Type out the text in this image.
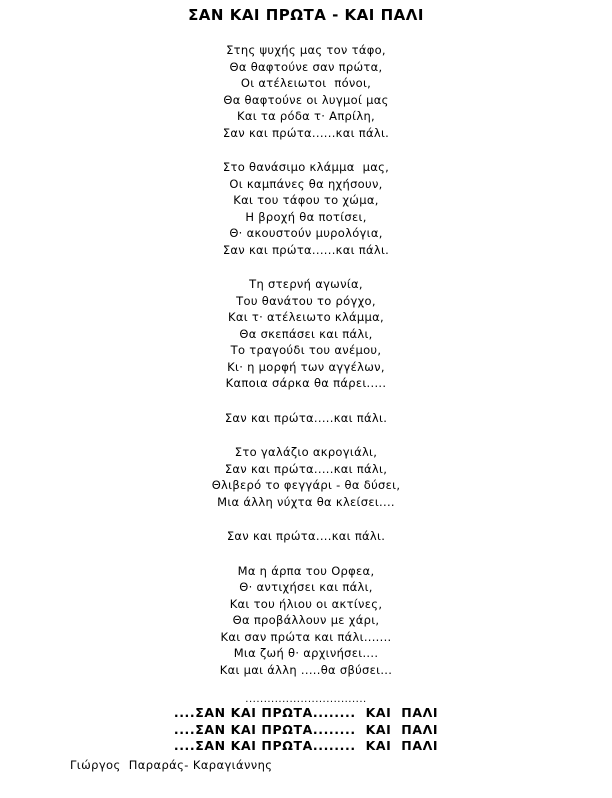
ΣΑΝ ΚΑΙ ΠΡΩΤΑ - ΚΑΙ ΠΑΛΙ
Στης ψυχής μας τον τάφο,
Θα θαφτούνε σαν πρώτα,
Οι ατέλειωτοι  πόνοι,
Θα θαφτούνε οι λυγμοί μας
Και τα ρόδα τ· Απρίλη,
Σαν και πρώτα......και πάλι.
Στο θανάσιμο κλάμμα  μας,
Οι καμπάνες θα ηχήσουν,
Και του τάφου το χώμα,
Η βροχή θα ποτίσει,
Θ· ακουστούν μυρολόγια,
Σαν και πρώτα......και πάλι.
Τη στερνή αγωνία,
Του θανάτου το ρόγχο,
Και τ· ατέλειωτο κλάμμα,
Θα σκεπάσει και πάλι,
Το τραγούδι του ανέμου,
Κι· η μορφή των αγγέλων,
Καποια σάρκα θα πάρει.....
Σαν και πρώτα.....και πάλι.
Στο γαλάζιο ακρογιάλι,
Σαν και πρώτα.....και πάλι,
Θλιβερό το φεγγάρι - θα δύσει,
Μια άλλη νύχτα θα κλείσει....
Σαν και πρώτα....και πάλι.
Μα η άρπα του Ορφεα,
Θ· αντιχήσει και πάλι,
Και του ήλιου οι ακτίνες,
Θα προβάλλουν με χάρι,
Και σαν πρώτα και πάλι.......
Μια ζωή θ· αρχινήσει....
Και μαι άλλη .....θα σβύσει...
.................................
....ΣΑΝ ΚΑΙ ΠΡΩΤΑ........  ΚΑΙ  ΠΑΛΙ
....ΣΑΝ ΚΑΙ ΠΡΩΤΑ........  ΚΑΙ  ΠΑΛΙ
....ΣΑΝ ΚΑΙ ΠΡΩΤΑ........  ΚΑΙ  ΠΑΛΙ
Γιώργος  Παραράς- Καραγιάννης
